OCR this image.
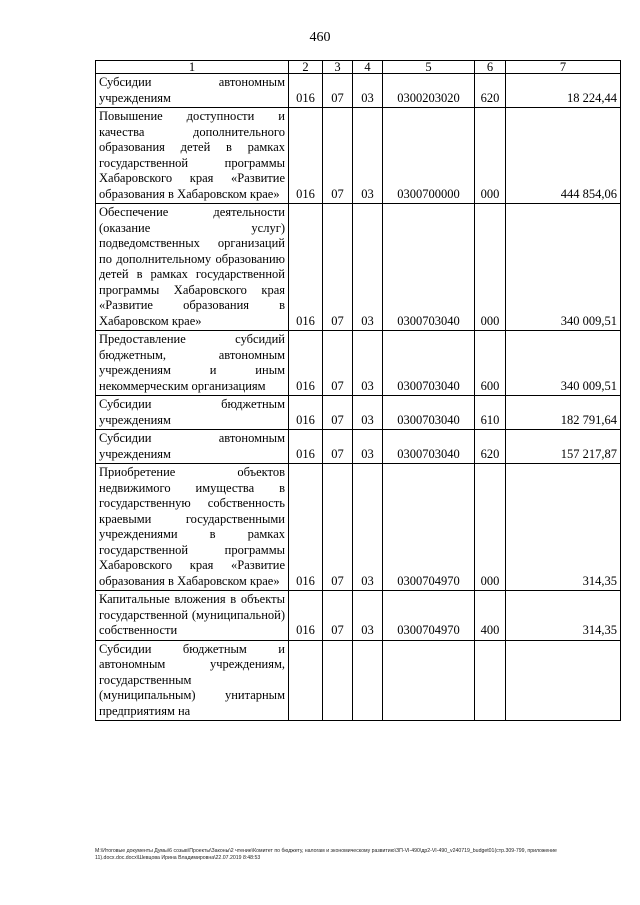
460
1	2	3	4	5	6	7
Субсидии автономным учреждениям	016	07	03	0300203020	620	18 224,44
Повышение доступности и качества дополнительного образования детей в рамках государственной программы Хабаровского края «Развитие образования в Хабаровском крае»	016	07	03	0300700000	000	444 854,06
Обеспечение деятельности (оказание услуг) подведомственных организаций по дополнительному образованию детей в рамках государственной программы Хабаровского края «Развитие образования в Хабаровском крае»	016	07	03	0300703040	000	340 009,51
Предоставление субсидий бюджетным, автономным учреждениям и иным некоммерческим организациям	016	07	03	0300703040	600	340 009,51
Субсидии бюджетным учреждениям	016	07	03	0300703040	610	182 791,64
Субсидии автономным учреждениям	016	07	03	0300703040	620	157 217,87
Приобретение объектов недвижимого имущества в государственную собственность краевыми государственными учреждениями в рамках государственной программы Хабаровского края «Развитие образования в Хабаровском крае»	016	07	03	0300704970	000	314,35
Капитальные вложения в объекты государственной (муниципальной) собственности	016	07	03	0300704970	400	314,35
Субсидии бюджетным и автономным учреждениям, государственным (муниципальным) унитарным предприятиям на						
М:\Итоговые документы Думы\6 созыв\Проекты\Законы\2 чтение\Комитет по бюджету, налогам и экономическому развитию\ЗП-VI-490\др2-VI-490_v240719_budget01(стр.309-799, приложение 11).docx.doc.docx\Шевцова Ирина Владимировна\22.07.2019 8:48:53
